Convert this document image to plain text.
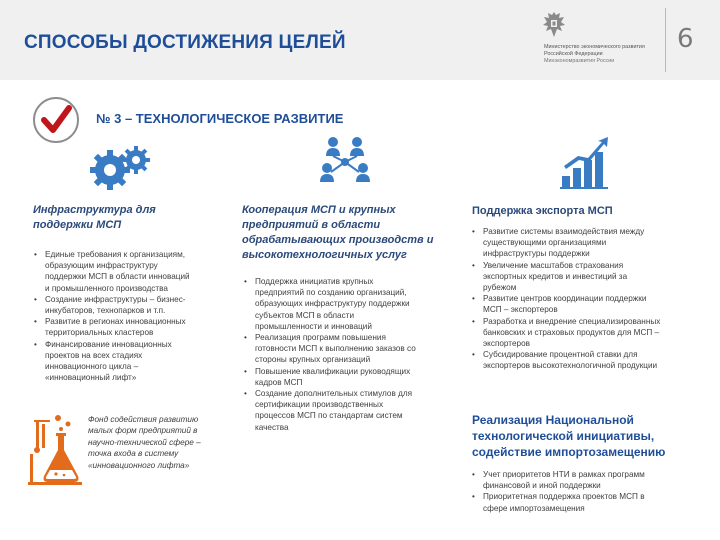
СПОСОБЫ ДОСТИЖЕНИЯ ЦЕЛЕЙ	Министерство экономического развития
Российской Федерации
Минэкономразвития России
6
№ 3 – ТЕХНОЛОГИЧЕСКОЕ РАЗВИТИЕ
Инфраструктура для
поддержки МСП
• Единые требования к организациям,
образующим инфраструктуру
поддержки МСП в области инноваций
и промышленного производства
• Создание инфраструктуры – бизнес-
инкубаторов, технопарков и т.п.
• Развитие в регионах инновационных
территориальных кластеров
• Финансирование инновационных
проектов на всех стадиях
инновационного цикла –
«инновационный лифт»
Фонд содействия развитию
малых форм предприятий в
научно-технической сфере –
точка входа в систему
«инновационного лифта»
Кооперация МСП и крупных
предприятий в области
обрабатывающих производств и
высокотехнологичных услуг
• Поддержка инициатив крупных
предприятий по созданию организаций,
образующих инфраструктуру поддержки
субъектов МСП в области
промышленности и инноваций
• Реализация программ повышения
готовности МСП к выполнению заказов со
стороны крупных организаций
• Повышение квалификации руководящих
кадров МСП
• Создание дополнительных стимулов для
сертификации производственных
процессов МСП по стандартам систем
качества
Поддержка экспорта МСП
• Развитие системы взаимодействия между
существующими организациями
инфраструктуры поддержки
• Увеличение масштабов страхования
экспортных кредитов и инвестиций за
рубежом
• Развитие центров координации поддержки
МСП – экспортеров
• Разработка и внедрение специализированных
банковских и страховых продуктов для МСП –
экспортеров
• Субсидирование процентной ставки для
экспортеров высокотехнологичной продукции
Реализация Национальной
технологической инициативы,
содействие импортозамещению
• Учет приоритетов НТИ в рамках программ
финансовой и иной поддержки
• Приоритетная поддержка проектов МСП в
сфере импортозамещения
